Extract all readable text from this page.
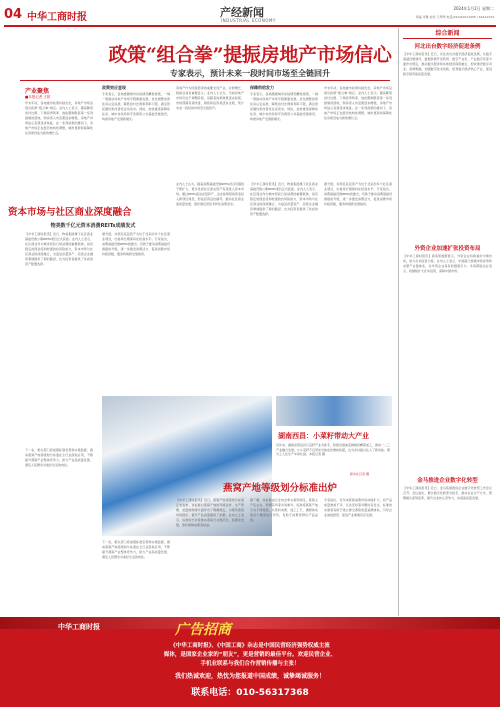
04 中华工商时报	产经新闻
INDUSTRIAL ECONOMY
2024年1月2日 星期二
责编 李雅 校对 王琴琴 电话(010)61611995 / 61611234
政策“组合拳”提振房地产市场信心
专家表示，预计未来一段时间市场至全链回升
产业聚焦
■本报记者 王婷
岁末年初，各地楼市政策持续优化，房地产市场呈现出政策“组合拳”效应。业内人士表示，随着降低首付比例、下调房贷利率、放松限购限售等一系列措施的落地，购房者入市意愿逐步增强，房地产市场信心有望逐步恢复。在一系列政策的推动下，房地产市场正在经历结构性调整，城市更新和保障性住房建设成为新的增长点。
政策效应显现
专家表示，各地根据城市实际情况精准施策，一城一策推动房地产市场平稳健康发展。优化调整首套住房认定标准，降低首付比例和利率下限，满足居民刚性和改善性住房需求。同时，加快推进保障性住房、城中村改造和平急两用公共基础设施建设，构建房地产发展新模式。
房地产作为国民经济的重要支柱产业，对稳增长、稳就业具有重要意义。业内人士认为，当前房地产市场仍处于调整阶段，但随着政策效果逐步显现，市场预期有望改善，销售和投资将逐步企稳，预计未来一段时间市场至全链回升。
保障供给发力
专家表示，各地根据城市实际情况精准施策，一城一策推动房地产市场平稳健康发展。优化调整首套住房认定标准，降低首付比例和利率下限，满足居民刚性和改善性住房需求。同时，加快推进保障性住房、城中村改造和平急两用公共基础设施建设，构建房地产发展新模式。
岁末年初，各地楼市政策持续优化，房地产市场呈现出政策“组合拳”效应。业内人士表示，随着降低首付比例、下调房贷利率、放松限购限售等一系列措施的落地，购房者入市意愿逐步增强，房地产市场信心有望逐步恢复。在一系列政策的推动下，房地产市场正在经历结构性调整，城市更新和保障性住房建设成为新的增长点。
资本市场与社区商业深度融合
物美数千亿元资本消费REITs成绩发式
【中华工商时报讯】近日，物美集团旗下社区商业基础设施公募REITs项目正式获批。业内人士表示，社区商业作为城市居民日常消费的重要载体，具有稳定的现金流和较强的抗风险能力，资本市场与社区商业的深度融合，为盘活存量资产、拓宽企业融资渠道提供了新的路径，也为投资者提供了优质的资产配置选择。
据介绍，该项目底层资产为位于北京的多个社区商业项目，出租率长期保持在较高水平。专家指出，消费基础设施REITs的推出，有助于推动消费基础设施提质升级，进一步激发消费活力，促进消费市场持续回暖，服务构建新发展格局。
业内人士认为，随着消费基础设施REITs试点范围的不断扩大，更多优质社区商业资产有望进入资本市场。通过REITs盘活存量资产，企业能够回收资金投入新项目建设，形成投资良性循环，推动社区商业高质量发展，更好满足居民多样化消费需求。
【中华工商时报讯】近日，物美集团旗下社区商业基础设施公募REITs项目正式获批。业内人士表示，社区商业作为城市居民日常消费的重要载体，具有稳定的现金流和较强的抗风险能力，资本市场与社区商业的深度融合，为盘活存量资产、拓宽企业融资渠道提供了新的路径，也为投资者提供了优质的资产配置选择。
据介绍，该项目底层资产为位于北京的多个社区商业项目，出租率长期保持在较高水平。专家指出，消费基础设施REITs的推出，有助于推动消费基础设施提质升级，进一步激发消费活力，促进消费市场持续回暖，服务构建新发展格局。
湖南西昌：小菜籽带动大产业
近年来，湖南省西昌县以菜籽产业为抓手，积极发展油菜种植和精深加工，推动一二三产业融合发展。小小菜籽不仅带动当地农民增收致富，也为乡村振兴注入了新动能。图为工人在生产车间忙碌。本报记者 摄
新华社记者 摄
燕窝产地等级划分标准出炉
【中华工商时报讯】近日，燕窝产地等级划分标准正式发布。该标准对燕窝产地的环境条件、生产管理、质量控制等方面作出了明确规定，为规范燕窝市场秩序、提升产品质量提供了依据。业内人士表示，标准的出台将推动燕窝行业规范化、标准化发展，更好保障消费者权益。
据了解，该标准由行业协会牵头组织制定，燕窝主产区企业、科研院所等共同参与。标准将燕窝产地分为不同等级，从原料来源、加工工艺、溯源体系等多个维度进行评价，有助于消费者辨识产品品质。
专家指出，近年来燕窝消费市场持续扩大，但产品质量参差不齐、以次充好等问题时有发生。标准的实施将有助于建立健全燕窝质量追溯体系，引导企业诚信经营，促进产业健康有序发展。
下一步，相关部门将加强标准宣贯和实施监督，推动燕窝产地等级划分标准在全行业落地应用，不断提升燕窝产业整体竞争力，助力产业高质量发展，满足人民群众对美好生活的向往。
下一步，相关部门将加强标准宣贯和实施监督，推动燕窝产地等级划分标准在全行业落地应用，不断提升燕窝产业整体竞争力，助力产业高质量发展，满足人民群众对美好生活的向往。
综合新闻
河北出台数字经济促进条例
【中华工商时报讯】近日，河北省出台数字经济促进条例，从数字基础设施建设、数据资源开发利用、数字产业化、产业数字化等方面作出规定，推动数字经济和实体经济深度融合，加快建设数字河北。条例明确，加强数字技术创新，培育数字经济核心产业，促进数字经济高质量发展。
外资企业加速扩张投资布局
【中华工商时报讯】商务部数据显示，外资企业持续看好中国市场，加大在华投资力度。业内人士表示，中国超大规模市场优势和完整产业链体系，对外资企业具有较强吸引力。多家跨国企业表示，将继续扩大在华投资，深耕中国市场。
金马推进企业数字化转型
【中华工商时报讯】近日，金马集团推进企业数字化转型工作会议召开。会议指出，要以数字化转型为抓手，推动企业生产方式、管理模式深刻变革，提升企业核心竞争力，实现高质量发展。
中华工商时报	广告招商
《中华工商时报》、《中国工商》杂志是中国民营经济强势权威主流
媒体，是国家企业家的“朋友”，更是营销的最佳平台。欢迎民营企业、
手机业联系与我们合作营销传播与主张！
我们热诚欢迎，热忱为您报道中国成绩，诚挚竭诚服务！
联系电话：010-56317368
